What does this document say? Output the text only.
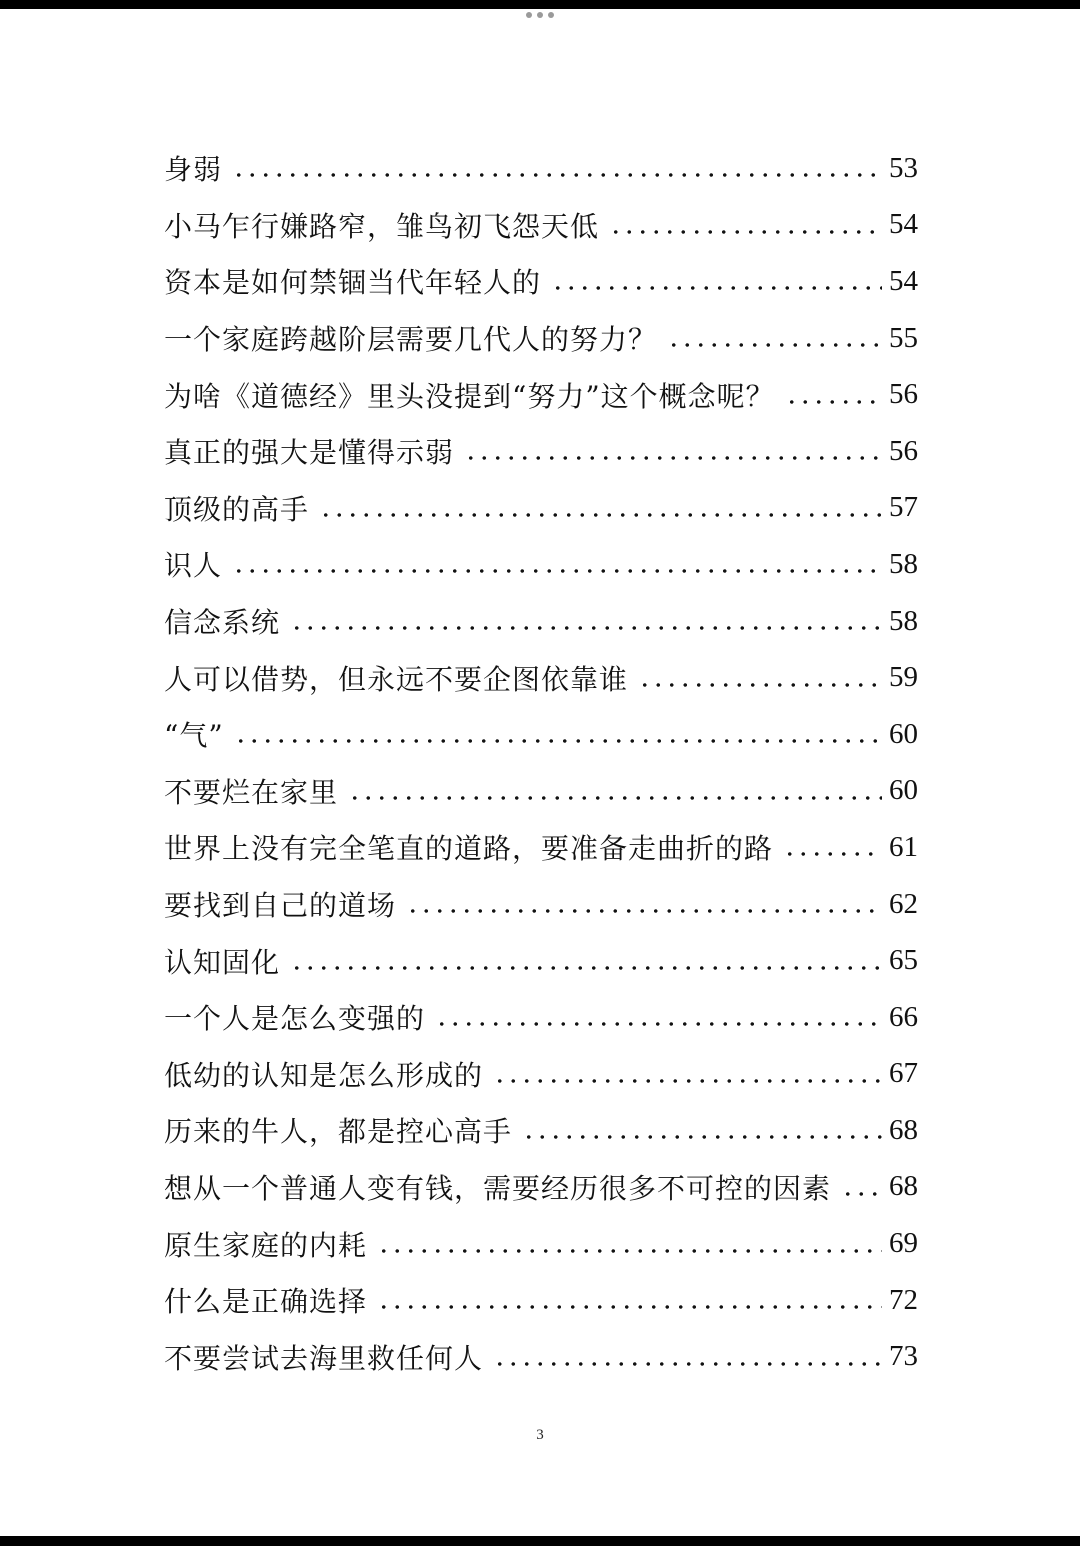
身弱	53
小马乍行嫌路窄，雏鸟初飞怨天低	54
资本是如何禁锢当代年轻人的	54
一个家庭跨越阶层需要几代人的努力？	55
为啥《道德经》里头没提到“努力”这个概念呢？	56
真正的强大是懂得示弱	56
顶级的高手	57
识人	58
信念系统	58
人可以借势，但永远不要企图依靠谁	59
“气”	60
不要烂在家里	60
世界上没有完全笔直的道路，要准备走曲折的路	61
要找到自己的道场	62
认知固化	65
一个人是怎么变强的	66
低幼的认知是怎么形成的	67
历来的牛人，都是控心高手	68
想从一个普通人变有钱，需要经历很多不可控的因素 68
原生家庭的内耗	69
什么是正确选择	72
不要尝试去海里救任何人	73
3
